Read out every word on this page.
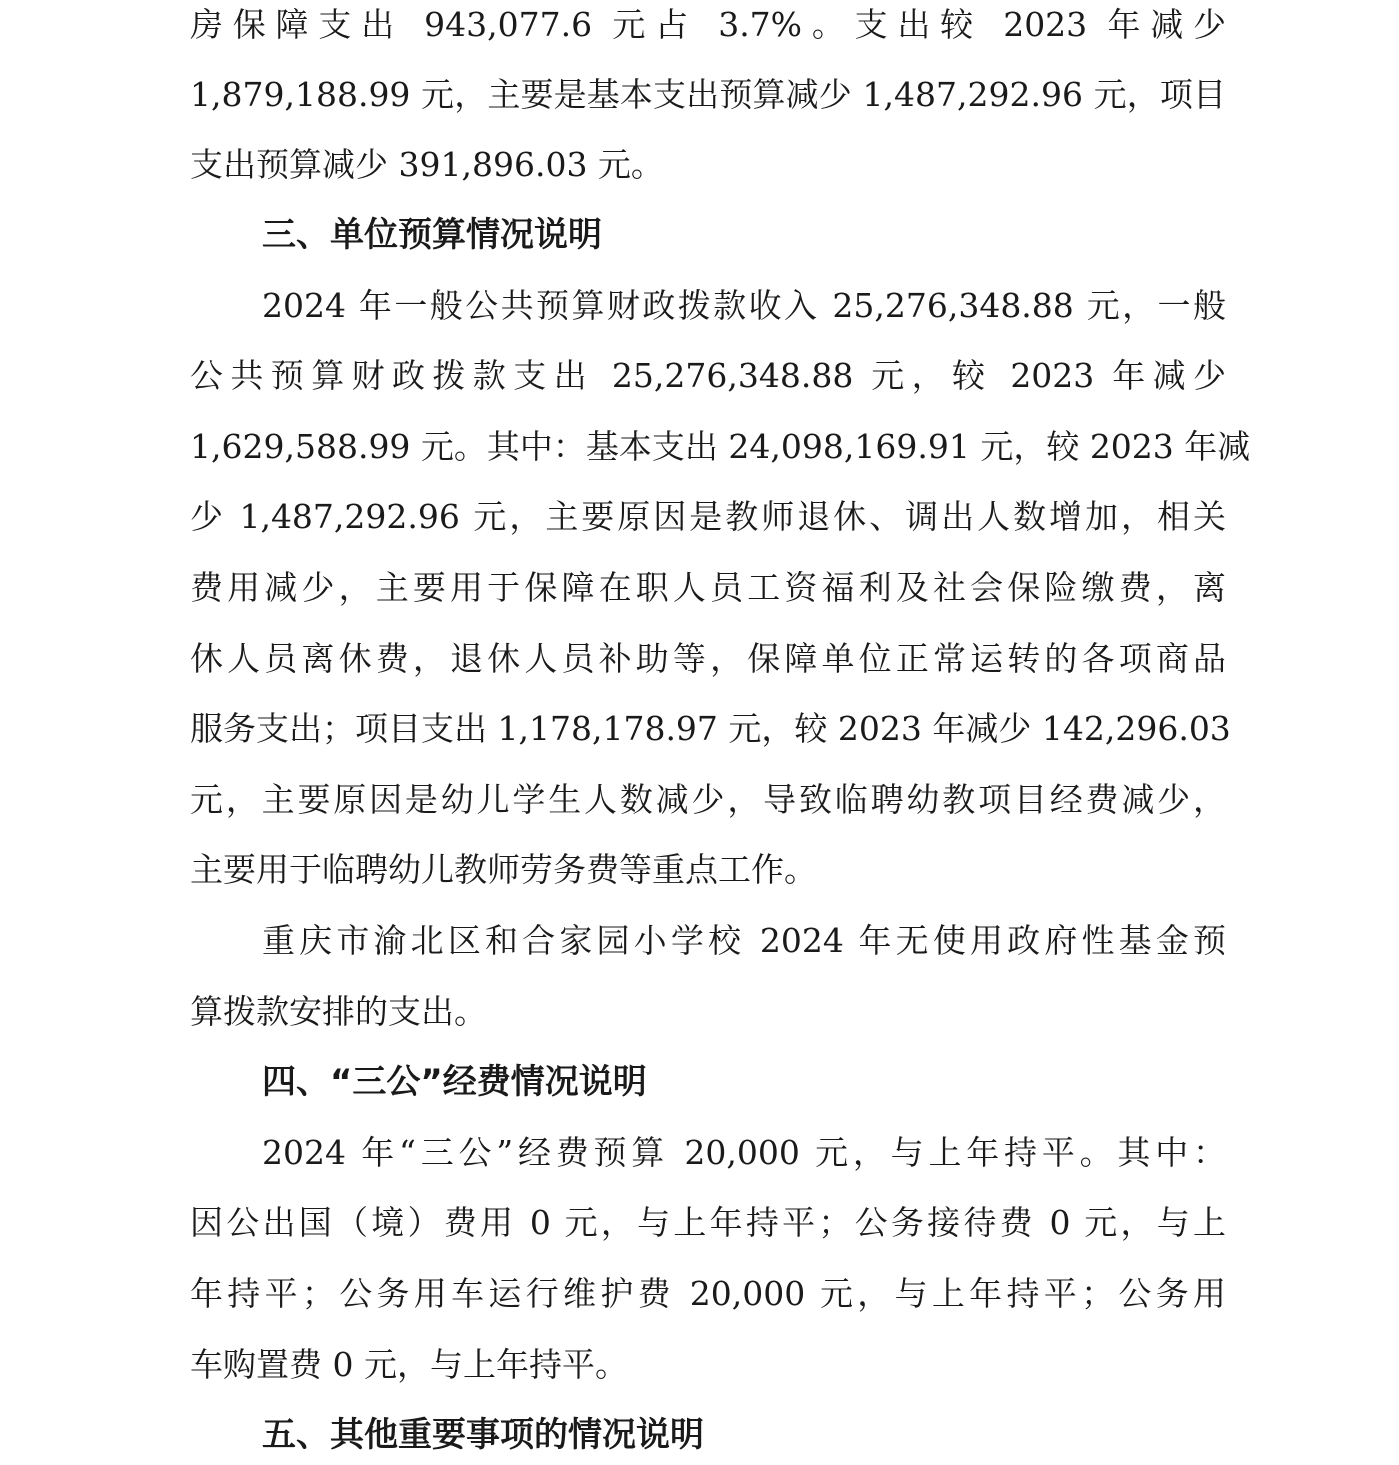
房保障支出 943,077.6 元占 3.7%。支出较 2023 年减少
1,879,188.99 元，主要是基本支出预算减少 1,487,292.96 元，项目
支出预算减少 391,896.03 元。
三、单位预算情况说明
2024 年一般公共预算财政拨款收入 25,276,348.88 元，一般
公共预算财政拨款支出 25,276,348.88 元，较 2023 年减少
1,629,588.99 元。其中：基本支出 24,098,169.91 元，较 2023 年减
少 1,487,292.96 元，主要原因是教师退休、调出人数增加，相关
费用减少，主要用于保障在职人员工资福利及社会保险缴费，离
休人员离休费，退休人员补助等，保障单位正常运转的各项商品
服务支出；项目支出 1,178,178.97 元，较 2023 年减少 142,296.03
元，主要原因是幼儿学生人数减少，导致临聘幼教项目经费减少，
主要用于临聘幼儿教师劳务费等重点工作。
重庆市渝北区和合家园小学校 2024 年无使用政府性基金预
算拨款安排的支出。
四、“三公”经费情况说明
2024 年“三公”经费预算 20,000 元，与上年持平。其中：
因公出国（境）费用 0 元，与上年持平；公务接待费 0 元，与上
年持平；公务用车运行维护费 20,000 元，与上年持平；公务用
车购置费 0 元，与上年持平。
五、其他重要事项的情况说明
